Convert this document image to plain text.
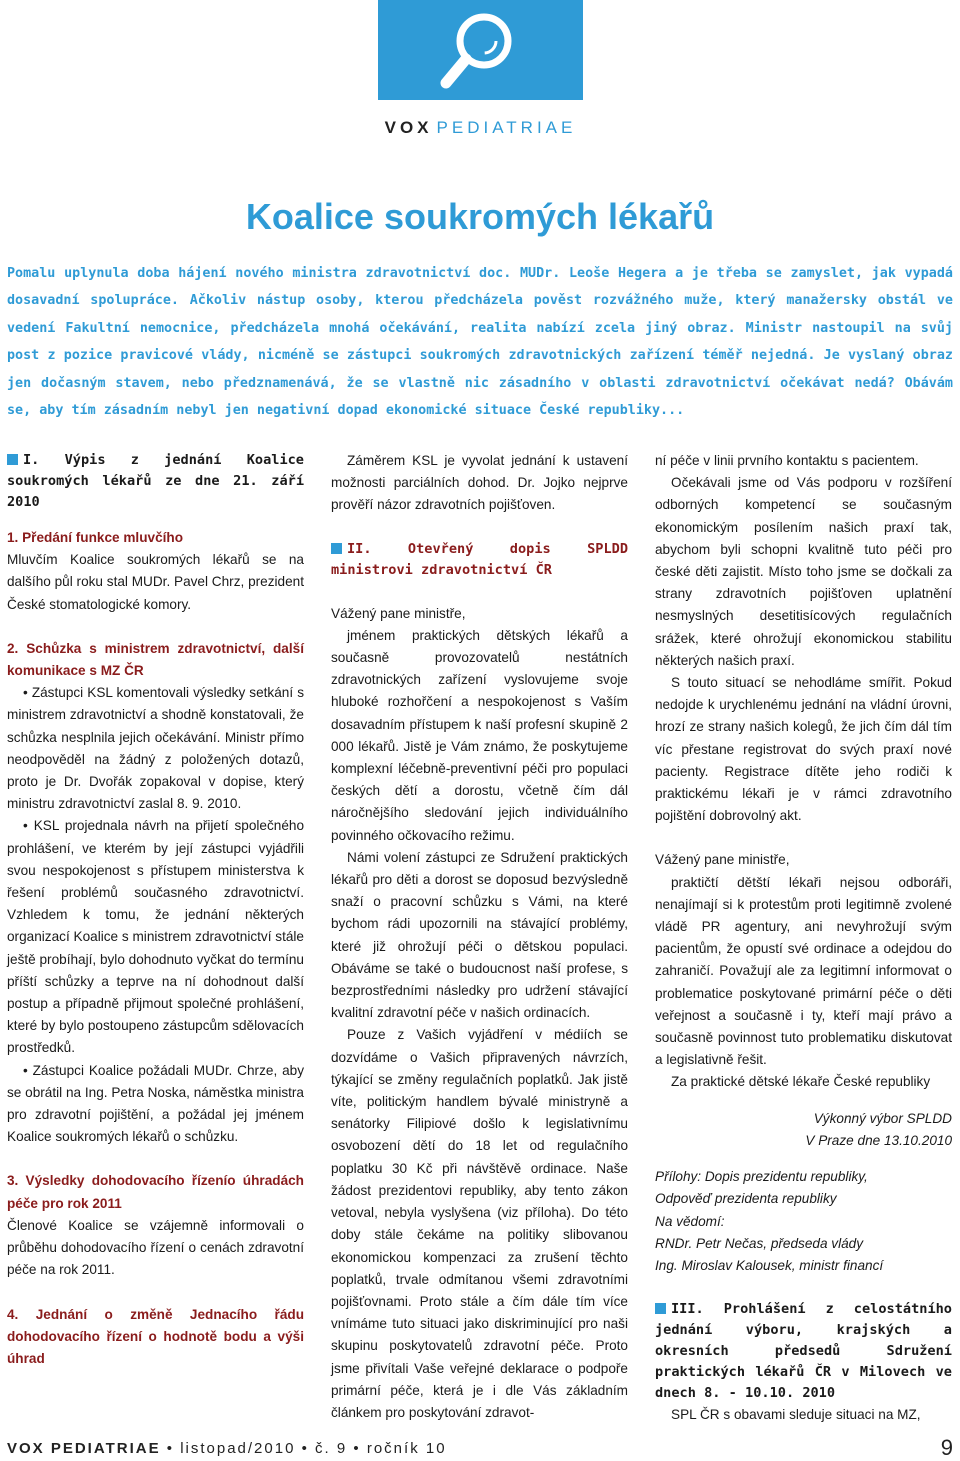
VOX PEDIATRIAE
Koalice soukromých lékařů

Pomalu uplynula doba hájení nového ministra zdravotnictví doc. MUDr. Leoše Hegera a je třeba se zamyslet, jak vypadá dosavadní spolupráce. Ačkoliv nástup osoby, kterou předcházela pověst rozvážného muže, který manažersky obstál ve vedení Fakultní nemocnice, předcházela mnohá očekávání, realita nabízí zcela jiný obraz. Ministr nastoupil na svůj post z pozice pravicové vlády, nicméně se zástupci soukromých zdravotnických zařízení téměř nejedná. Je vyslaný obraz jen dočasným stavem, nebo předznamenává, že se vlastně nic zásadního v oblasti zdravotnictví očekávat nedá? Obávám se, aby tím zásadním nebyl jen negativní dopad ekonomické situace České republiky...

I. Výpis z jednání Koalice soukromých lékařů ze dne 21. září 2010

1. Předání funkce mluvčího

Mluvčím Koalice soukromých lékařů se na dalšího půl roku stal MUDr. Pavel Chrz, prezident České stomatologické komory.

2. Schůzka s ministrem zdravotnictví, další komunikace s MZ ČR

• Zástupci KSL komentovali výsledky setkání s ministrem zdravotnictví a shodně konstatovali, že schůzka nesplnila jejich očekávání. Ministr přímo neodpověděl na žádný z položených dotazů, proto je Dr. Dvořák zopakoval v dopise, který ministru zdravotnictví zaslal 8. 9. 2010.

• KSL projednala návrh na přijetí společného prohlášení, ve kterém by její zástupci vyjádřili svou nespokojenost s přístupem ministerstva k řešení problémů současného zdravotnictví. Vzhledem k tomu, že jednání některých organizací Koalice s ministrem zdravotnictví stále ještě probíhají, bylo dohodnuto vyčkat do termínu příští schůzky a teprve na ní dohodnout další postup a případně přijmout společné prohlášení, které by bylo postoupeno zástupcům sdělovacích prostředků.

• Zástupci Koalice požádali MUDr. Chrze, aby se obrátil na Ing. Petra Noska, náměstka ministra pro zdravotní pojištění, a požádal jej jménem Koalice soukromých lékařů o schůzku.

3. Výsledky dohodovacího řízenío úhradách péče pro rok 2011

Členové Koalice se vzájemně informovali o průběhu dohodovacího řízení o cenách zdravotní péče na rok 2011.

4. Jednání o změně Jednacího řádu dohodovacího řízení o hodnotě bodu a výši úhrad

Záměrem KSL je vyvolat jednání k ustavení možnosti parciálních dohod. Dr. Jojko nejprve prověří názor zdravotních pojišťoven.

II. Otevřený dopis SPLDD ministrovi zdravotnictví ČR

Vážený pane ministře,

jménem praktických dětských lékařů a současně provozovatelů nestátních zdravotnických zařízení vyslovujeme svoje hluboké rozhořčení a nespokojenost s Vaším dosavadním přístupem k naší profesní skupině 2 000 lékařů. Jistě je Vám známo, že poskytujeme komplexní léčebně-preventivní péči pro populaci českých dětí a dorostu, včetně čím dál náročnějšího sledování jejich individuálního povinného očkovacího režimu.

Námi volení zástupci ze Sdružení praktických lékařů pro děti a dorost se doposud bezvýsledně snaží o pracovní schůzku s Vámi, na které bychom rádi upozornili na stávající problémy, které již ohrožují péči o dětskou populaci. Obáváme se také o budoucnost naší profese, s bezprostředními následky pro udržení stávající kvalitní zdravotní péče v našich ordinacích.

Pouze z Vašich vyjádření v médiích se dozvídáme o Vašich připravených návrzích, týkající se změny regulačních poplatků. Jak jistě víte, politickým handlem bývalé ministryně a senátorky Filipiové došlo k legislativnímu osvobození dětí do 18 let od regulačního poplatku 30 Kč při návštěvě ordinace. Naše žádost prezidentovi republiky, aby tento zákon vetoval, nebyla vyslyšena (viz příloha). Do této doby stále čekáme na politiky slibovanou ekonomickou kompenzaci za zrušení těchto poplatků, trvale odmítanou všemi zdravotními pojišťovnami. Proto stále a čím dále tím více vnímáme tuto situaci jako diskriminující pro naši skupinu poskytovatelů zdravotní péče. Proto jsme přivítali Vaše veřejné deklarace o podpoře primární péče, která je i dle Vás základním článkem pro poskytování zdravot-

ní péče v linii prvního kontaktu s pacientem.

Očekávali jsme od Vás podporu v rozšíření odborných kompetencí se současným ekonomickým posílením našich praxí tak, abychom byli schopni kvalitně tuto péči pro české děti zajistit. Místo toho jsme se dočkali za strany zdravotních pojišťoven uplatnění nesmyslných desetitisícových regulačních srážek, které ohrožují ekonomickou stabilitu některých našich praxí.

S touto situací se nehodláme smířit. Pokud nedojde k urychlenému jednání na vládní úrovni, hrozí ze strany našich kolegů, že jich čím dál tím víc přestane registrovat do svých praxí nové pacienty. Registrace dítěte jeho rodiči k praktickému lékaři je v rámci zdravotního pojištění dobrovolný akt.

Vážený pane ministře,

praktičtí dětští lékaři nejsou odboráři, nenajímají si k protestům proti legitimně zvolené vládě PR agentury, ani nevyhrožují svým pacientům, že opustí své ordinace a odejdou do zahraničí. Považují ale za legitimní informovat o problematice poskytované primární péče o děti veřejnost a současně i ty, kteří mají právo a současně povinnost tuto problematiku diskutovat a legislativně řešit.

Za praktické dětské lékaře České republiky

Výkonný výbor SPLDD

V Praze dne 13.10.2010

Přílohy: Dopis prezidentu republiky,

Odpověď prezidenta republiky

Na vědomí:

RNDr. Petr Nečas, předseda vlády

Ing. Miroslav Kalousek, ministr financí

III. Prohlášení z celostátního jednání výboru, krajských a okresních předsedů Sdružení praktických lékařů ČR v Milovech ve dnech 8. - 10.10. 2010

SPL ČR s obavami sleduje situaci na MZ,

VOX PEDIATRIAE • listopad/2010 • č. 9 • ročník 10	9
